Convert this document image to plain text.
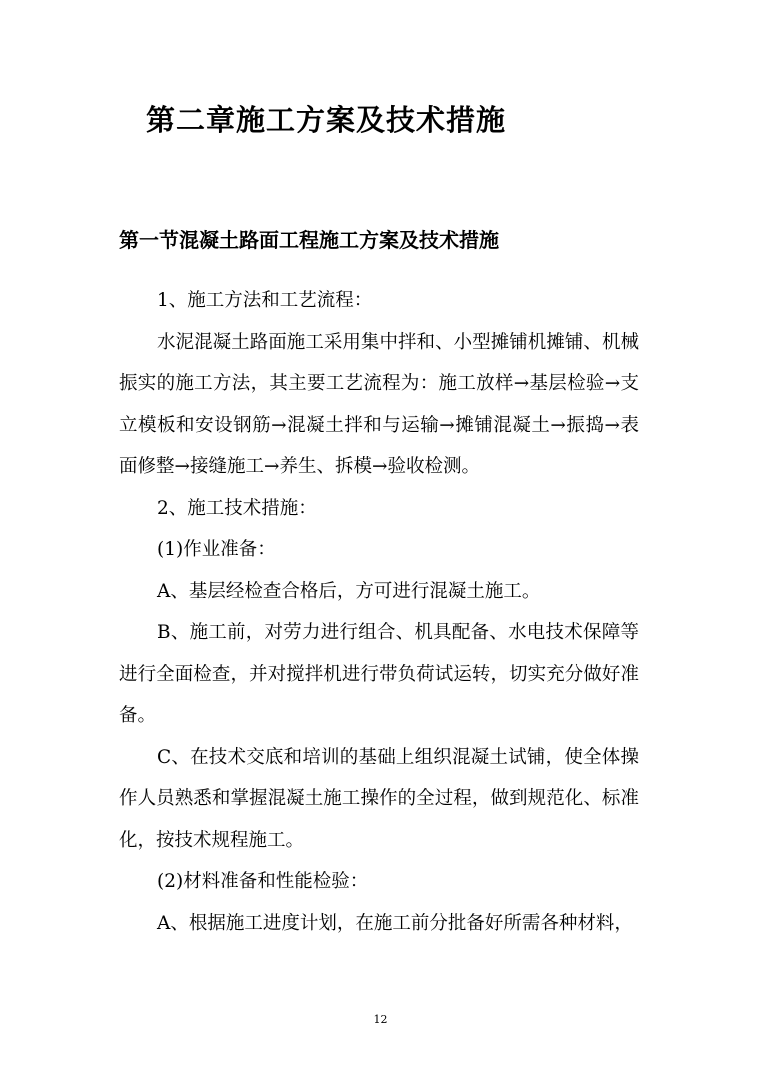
第二章施工方案及技术措施
第一节混凝土路面工程施工方案及技术措施

1、施工方法和工艺流程：

水泥混凝土路面施工采用集中拌和、小型摊铺机摊铺、机械振实的施工方法，其主要工艺流程为：施工放样→基层检验→支立模板和安设钢筋→混凝土拌和与运输→摊铺混凝土→振捣→表面修整→接缝施工→养生、拆模→验收检测。

2、施工技术措施：

(1)作业准备：

A、基层经检查合格后，方可进行混凝土施工。

B、施工前，对劳力进行组合、机具配备、水电技术保障等进行全面检查，并对搅拌机进行带负荷试运转，切实充分做好准备。

C、在技术交底和培训的基础上组织混凝土试铺，使全体操作人员熟悉和掌握混凝土施工操作的全过程，做到规范化、标准化，按技术规程施工。

(2)材料准备和性能检验：

A、根据施工进度计划，在施工前分批备好所需各种材料，

12
